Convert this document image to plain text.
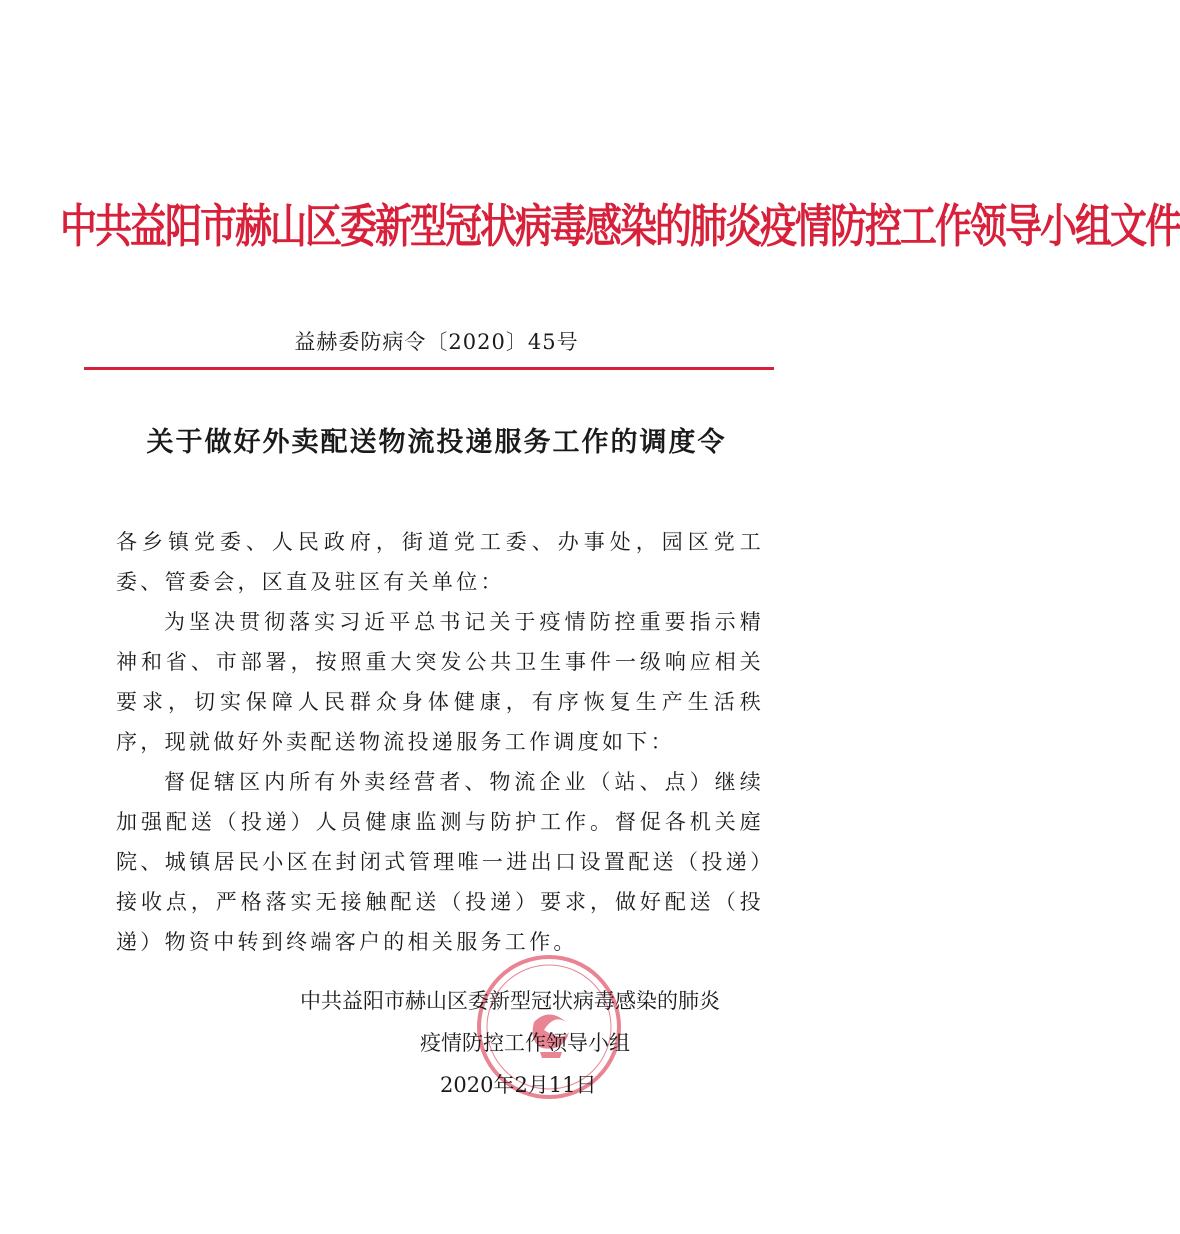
中共益阳市赫山区委新型冠状病毒感染的肺炎疫情防控工作领导小组文件
益赫委防病令〔2020〕45号
关于做好外卖配送物流投递服务工作的调度令

各乡镇党委、人民政府，街道党工委、办事处，园区党工委、管委会，区直及驻区有关单位：

为坚决贯彻落实习近平总书记关于疫情防控重要指示精神和省、市部署，按照重大突发公共卫生事件一级响应相关要求，切实保障人民群众身体健康，有序恢复生产生活秩序，现就做好外卖配送物流投递服务工作调度如下：

督促辖区内所有外卖经营者、物流企业（站、点）继续加强配送（投递）人员健康监测与防护工作。督促各机关庭院、城镇居民小区在封闭式管理唯一进出口设置配送（投递）接收点，严格落实无接触配送（投递）要求，做好配送（投递）物资中转到终端客户的相关服务工作。

中共益阳市赫山区委新型冠状病毒感染的肺炎
疫情防控工作领导小组
2020年2月11日
